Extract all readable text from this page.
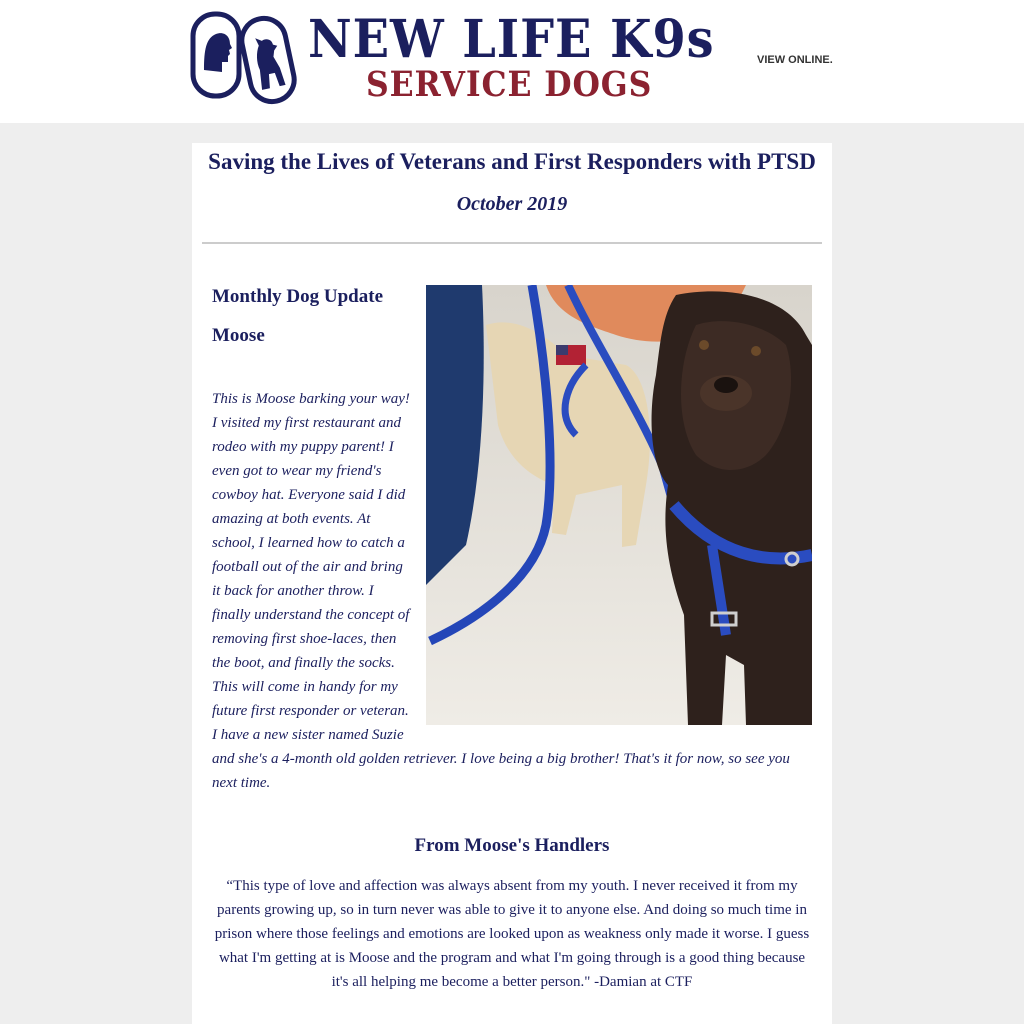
NEW LIFE K9s
SERVICE DOGS
VIEW ONLINE.
Saving the Lives of Veterans and First Responders with PTSD
October 2019
Monthly Dog Update
Moose

This is Moose barking your way! I visited my first restaurant and rodeo with my puppy parent! I even got to wear my friend's cowboy hat. Everyone said I did amazing at both events. At school, I learned how to catch a football out of the air and bring it back for another throw. I finally understand the concept of removing first shoe-laces, then the boot, and finally the socks. This will come in handy for my future first responder or veteran. I have a new sister named Suzie and she's a 4-month old golden retriever. I love being a big brother! That's it for now, so see you next time.

From Moose's Handlers
“This type of love and affection was always absent from my youth. I never received it from my parents growing up, so in turn never was able to give it to anyone else. And doing so much time in prison where those feelings and emotions are looked upon as weakness only made it worse. I guess what I'm getting at is Moose and the program and what I'm going through is a good thing because it's all helping me become a better person." -Damian at CTF
